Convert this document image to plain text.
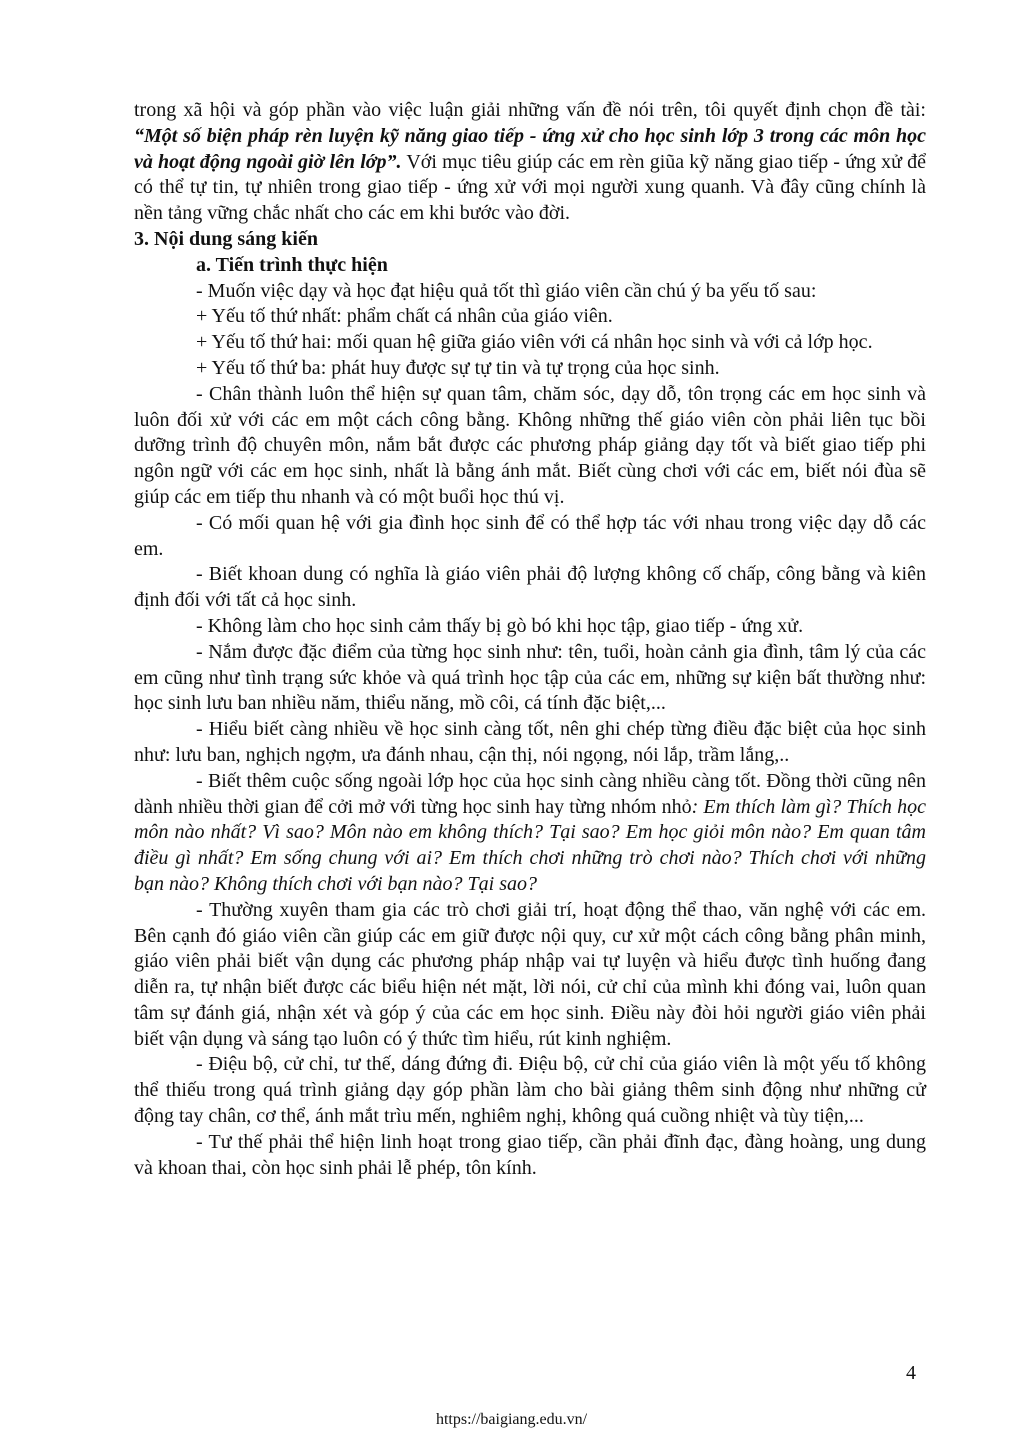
trong xã hội và góp phần vào việc luận giải những vấn đề nói trên, tôi quyết định chọn đề tài: “Một số biện pháp rèn luyện kỹ năng giao tiếp - ứng xử cho học sinh lớp 3 trong các môn học và hoạt động ngoài giờ lên lớp”. Với mục tiêu giúp các em rèn giũa kỹ năng giao tiếp - ứng xử để có thể tự tin, tự nhiên trong giao tiếp - ứng xử với mọi người xung quanh. Và đây cũng chính là nền tảng vững chắc nhất cho các em khi bước vào đời.

3. Nội dung sáng kiến

a. Tiến trình thực hiện

- Muốn việc dạy và học đạt hiệu quả tốt thì giáo viên cần chú ý ba yếu tố sau:

+ Yếu tố thứ nhất: phẩm chất cá nhân của giáo viên.

+ Yếu tố thứ hai: mối quan hệ giữa giáo viên với cá nhân học sinh và với cả lớp học.

+ Yếu tố thứ ba: phát huy được sự tự tin và tự trọng của học sinh.

- Chân thành luôn thể hiện sự quan tâm, chăm sóc, dạy dỗ, tôn trọng các em học sinh và luôn đối xử với các em một cách công bằng. Không những thế giáo viên còn phải liên tục bồi dưỡng trình độ chuyên môn, nắm bắt được các phương pháp giảng dạy tốt và biết giao tiếp phi ngôn ngữ với các em học sinh, nhất là bằng ánh mắt. Biết cùng chơi với các em, biết nói đùa sẽ giúp các em tiếp thu nhanh và có một buổi học thú vị.

- Có mối quan hệ với gia đình học sinh để có thể hợp tác với nhau trong việc dạy dỗ các em.

- Biết khoan dung có nghĩa là giáo viên phải độ lượng không cố chấp, công bằng và kiên định đối với tất cả học sinh.

- Không làm cho học sinh cảm thấy bị gò bó khi học tập, giao tiếp - ứng xử.

- Nắm được đặc điểm của từng học sinh như: tên, tuổi, hoàn cảnh gia đình, tâm lý của các em cũng như tình trạng sức khỏe và quá trình học tập của các em, những sự kiện bất thường như: học sinh lưu ban nhiều năm, thiểu năng, mồ côi, cá tính đặc biệt,...

- Hiểu biết càng nhiều về học sinh càng tốt, nên ghi chép từng điều đặc biệt của học sinh như: lưu ban, nghịch ngợm, ưa đánh nhau, cận thị, nói ngọng, nói lắp, trầm lắng,..

- Biết thêm cuộc sống ngoài lớp học của học sinh càng nhiều càng tốt. Đồng thời cũng nên dành nhiều thời gian để cởi mở với từng học sinh hay từng nhóm nhỏ: Em thích làm gì? Thích học môn nào nhất? Vì sao? Môn nào em không thích? Tại sao? Em học giỏi môn nào? Em quan tâm điều gì nhất? Em sống chung với ai? Em thích chơi những trò chơi nào? Thích chơi với những bạn nào? Không thích chơi với bạn nào? Tại sao?

- Thường xuyên tham gia các trò chơi giải trí, hoạt động thể thao, văn nghệ với các em. Bên cạnh đó giáo viên cần giúp các em giữ được nội quy, cư xử một cách công bằng phân minh, giáo viên phải biết vận dụng các phương pháp nhập vai tự luyện và hiểu được tình huống đang diễn ra, tự nhận biết được các biểu hiện nét mặt, lời nói, cử chỉ của mình khi đóng vai, luôn quan tâm sự đánh giá, nhận xét và góp ý của các em học sinh. Điều này đòi hỏi người giáo viên phải biết vận dụng và sáng tạo luôn có ý thức tìm hiểu, rút kinh nghiệm.

- Điệu bộ, cử chỉ, tư thế, dáng đứng đi. Điệu bộ, cử chỉ của giáo viên là một yếu tố không thể thiếu trong quá trình giảng dạy góp phần làm cho bài giảng thêm sinh động như những cử động tay chân, cơ thể, ánh mắt trìu mến, nghiêm nghị, không quá cuồng nhiệt và tùy tiện,...

- Tư thế phải thể hiện linh hoạt trong giao tiếp, cần phải đĩnh đạc, đàng hoàng, ung dung và khoan thai, còn học sinh phải lễ phép, tôn kính.

4
https://baigiang.edu.vn/
